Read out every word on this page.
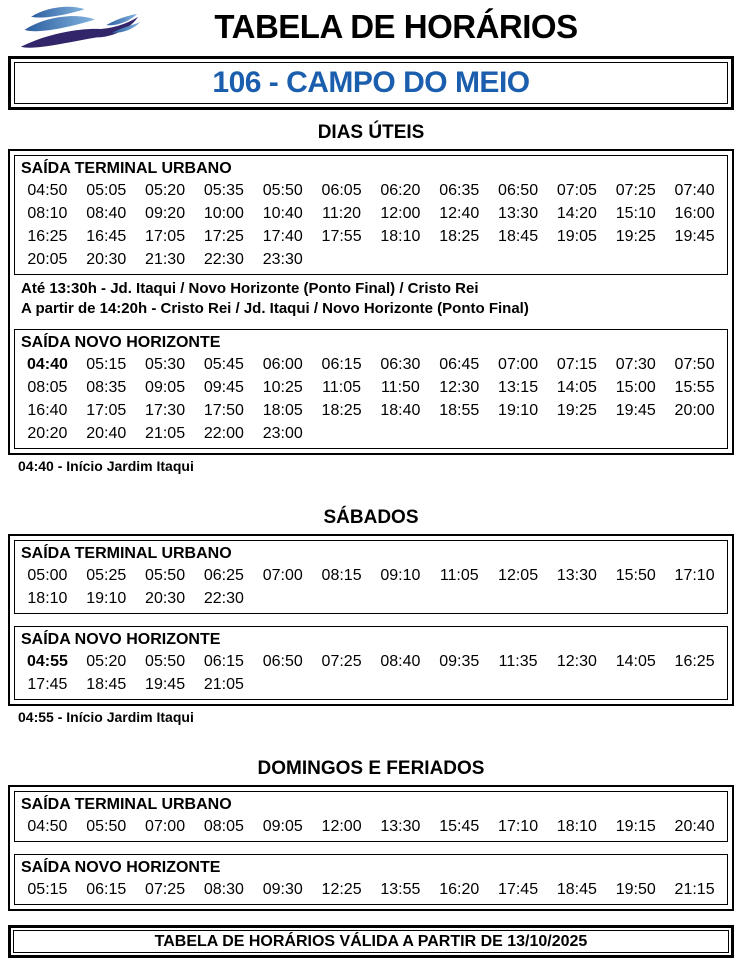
TABELA DE HORÁRIOS
106 - CAMPO DO MEIO
DIAS ÚTEIS
SAÍDA TERMINAL URBANO
04:50	05:05	05:20	05:35	05:50	06:05	06:20	06:35	06:50	07:05	07:25	07:40
08:10	08:40	09:20	10:00	10:40	11:20	12:00	12:40	13:30	14:20	15:10	16:00
16:25	16:45	17:05	17:25	17:40	17:55	18:10	18:25	18:45	19:05	19:25	19:45
20:05	20:30	21:30	22:30	23:30
Até 13:30h - Jd. Itaqui / Novo Horizonte (Ponto Final) / Cristo Rei
A partir de 14:20h - Cristo Rei / Jd. Itaqui / Novo Horizonte (Ponto Final)
SAÍDA NOVO HORIZONTE
04:40	05:15	05:30	05:45	06:00	06:15	06:30	06:45	07:00	07:15	07:30	07:50
08:05	08:35	09:05	09:45	10:25	11:05	11:50	12:30	13:15	14:05	15:00	15:55
16:40	17:05	17:30	17:50	18:05	18:25	18:40	18:55	19:10	19:25	19:45	20:00
20:20	20:40	21:05	22:00	23:00
04:40 - Início Jardim Itaqui
SÁBADOS
SAÍDA TERMINAL URBANO
05:00	05:25	05:50	06:25	07:00	08:15	09:10	11:05	12:05	13:30	15:50	17:10
18:10	19:10	20:30	22:30
SAÍDA NOVO HORIZONTE
04:55	05:20	05:50	06:15	06:50	07:25	08:40	09:35	11:35	12:30	14:05	16:25
17:45	18:45	19:45	21:05
04:55 - Início Jardim Itaqui
DOMINGOS E FERIADOS
SAÍDA TERMINAL URBANO
04:50	05:50	07:00	08:05	09:05	12:00	13:30	15:45	17:10	18:10	19:15	20:40
SAÍDA NOVO HORIZONTE
05:15	06:15	07:25	08:30	09:30	12:25	13:55	16:20	17:45	18:45	19:50	21:15
TABELA DE HORÁRIOS VÁLIDA A PARTIR DE 13/10/2025
